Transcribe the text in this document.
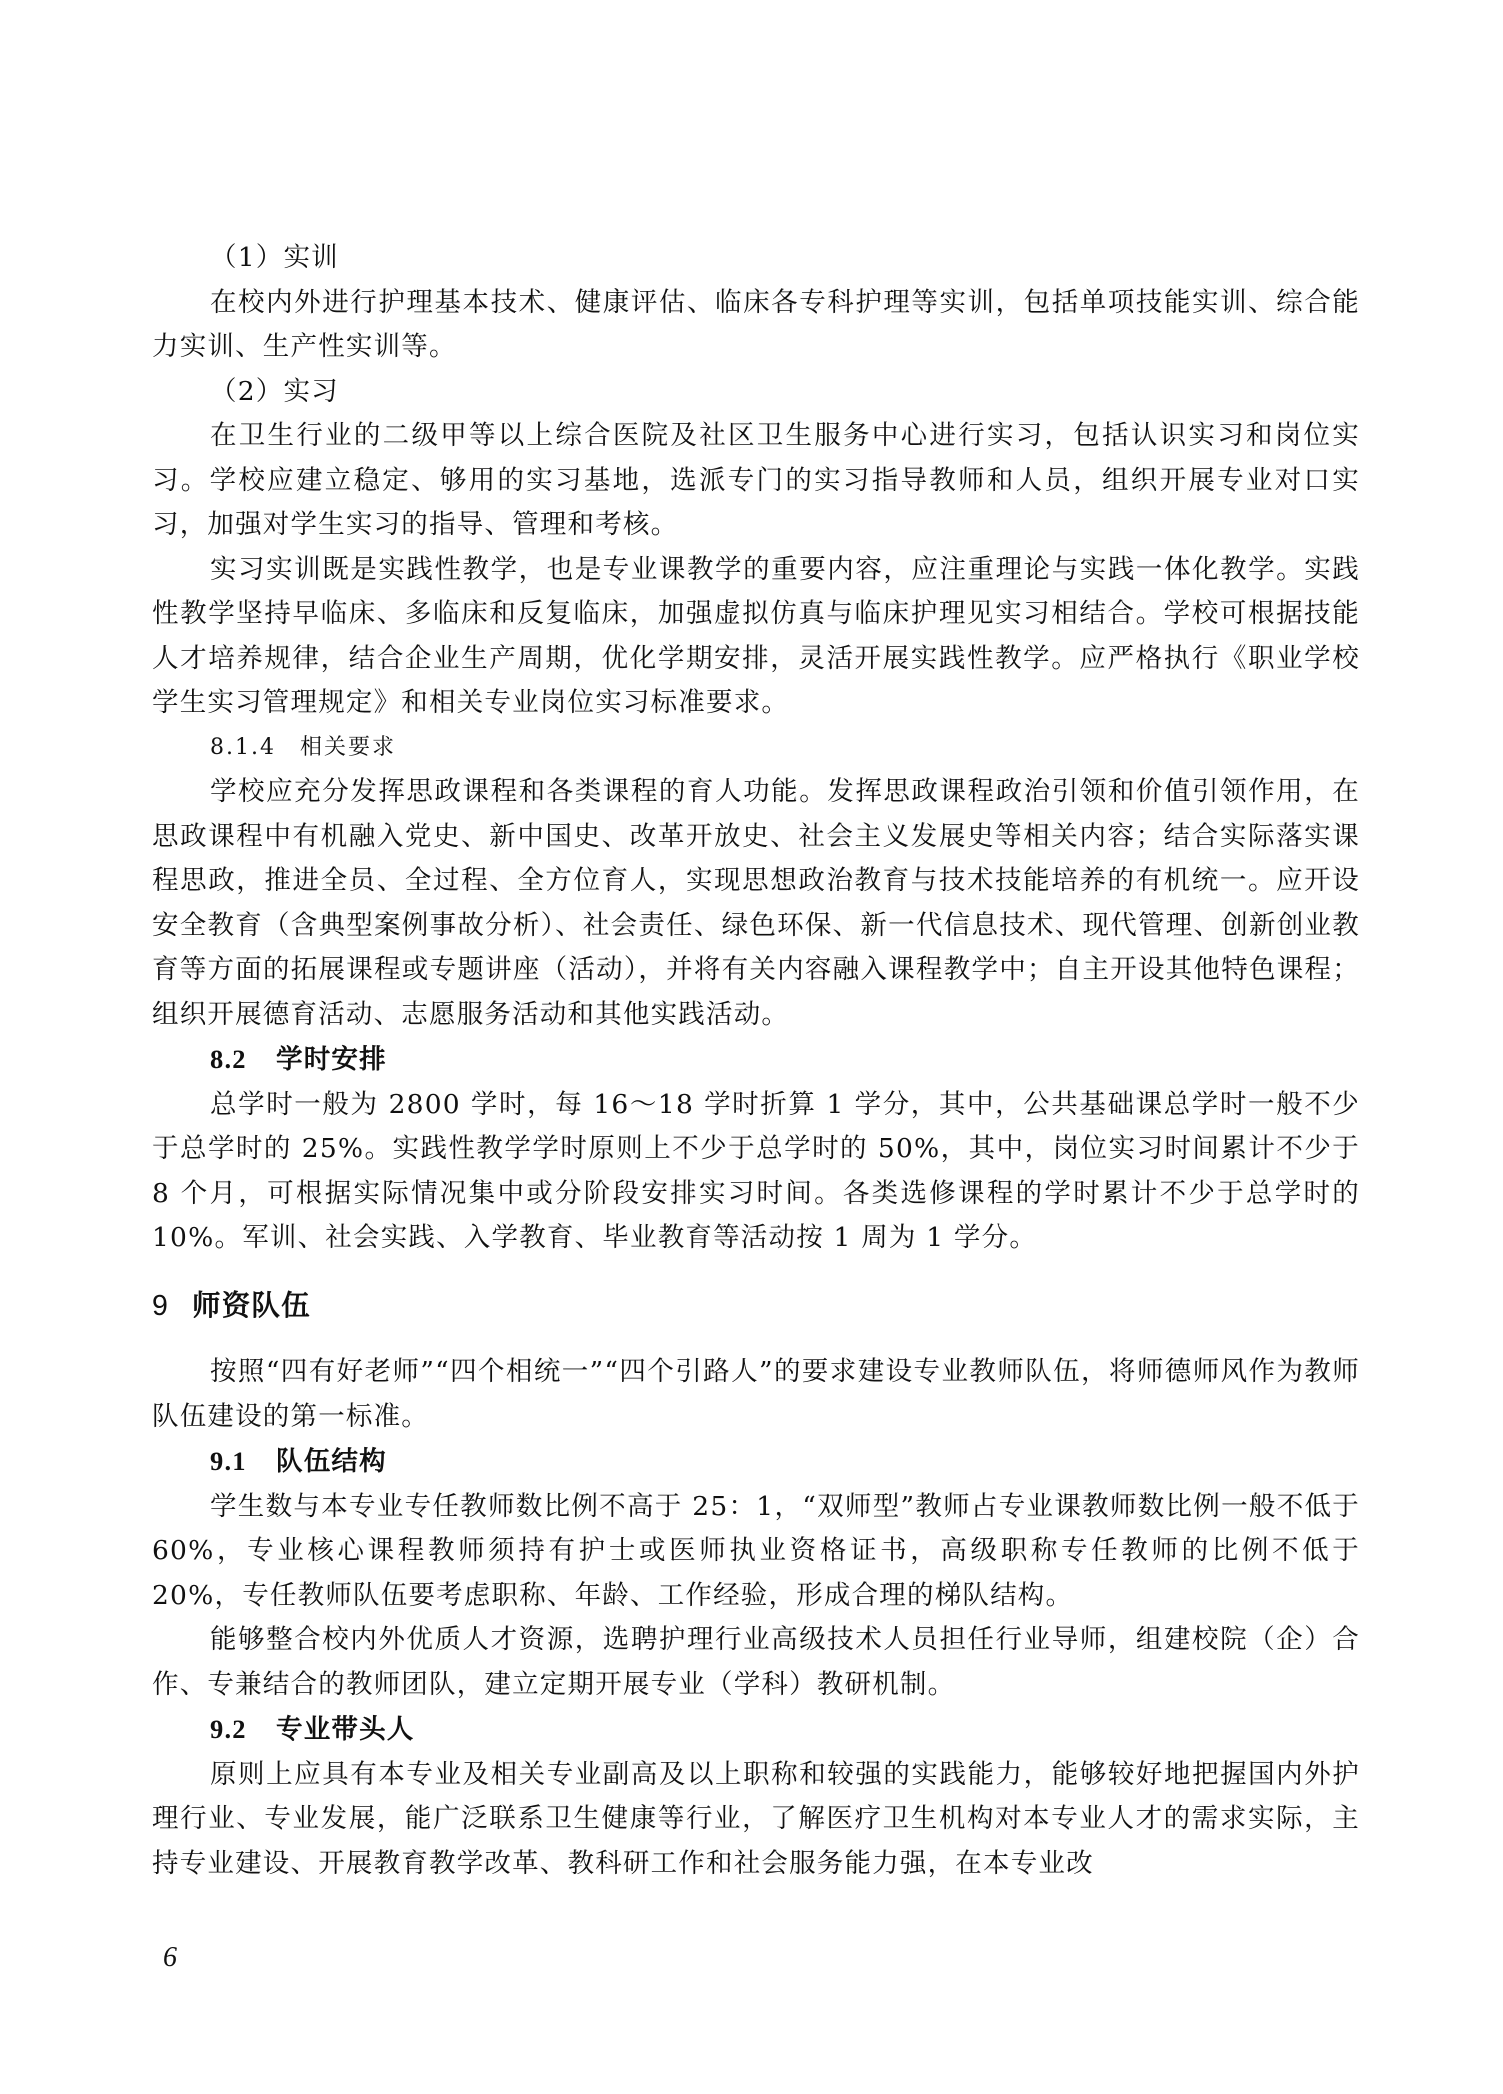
（1）实训

在校内外进行护理基本技术、健康评估、临床各专科护理等实训，包括单项技能实训、综合能力实训、生产性实训等。

（2）实习

在卫生行业的二级甲等以上综合医院及社区卫生服务中心进行实习，包括认识实习和岗位实习。学校应建立稳定、够用的实习基地，选派专门的实习指导教师和人员，组织开展专业对口实习，加强对学生实习的指导、管理和考核。

实习实训既是实践性教学，也是专业课教学的重要内容，应注重理论与实践一体化教学。实践性教学坚持早临床、多临床和反复临床，加强虚拟仿真与临床护理见实习相结合。学校可根据技能人才培养规律，结合企业生产周期，优化学期安排，灵活开展实践性教学。应严格执行《职业学校学生实习管理规定》和相关专业岗位实习标准要求。

8.1.4　相关要求

学校应充分发挥思政课程和各类课程的育人功能。发挥思政课程政治引领和价值引领作用，在思政课程中有机融入党史、新中国史、改革开放史、社会主义发展史等相关内容；结合实际落实课程思政，推进全员、全过程、全方位育人，实现思想政治教育与技术技能培养的有机统一。应开设安全教育（含典型案例事故分析）、社会责任、绿色环保、新一代信息技术、现代管理、创新创业教育等方面的拓展课程或专题讲座（活动），并将有关内容融入课程教学中；自主开设其他特色课程；组织开展德育活动、志愿服务活动和其他实践活动。

8.2 学时安排

总学时一般为 2800 学时，每 16～18 学时折算 1 学分，其中，公共基础课总学时一般不少于总学时的 25%。实践性教学学时原则上不少于总学时的 50%，其中，岗位实习时间累计不少于 8 个月，可根据实际情况集中或分阶段安排实习时间。各类选修课程的学时累计不少于总学时的 10%。军训、社会实践、入学教育、毕业教育等活动按 1 周为 1 学分。

9 师资队伍

按照“四有好老师”“四个相统一”“四个引路人”的要求建设专业教师队伍，将师德师风作为教师队伍建设的第一标准。

9.1 队伍结构

学生数与本专业专任教师数比例不高于 25：1，“双师型”教师占专业课教师数比例一般不低于 60%，专业核心课程教师须持有护士或医师执业资格证书，高级职称专任教师的比例不低于 20%，专任教师队伍要考虑职称、年龄、工作经验，形成合理的梯队结构。

能够整合校内外优质人才资源，选聘护理行业高级技术人员担任行业导师，组建校院（企）合作、专兼结合的教师团队，建立定期开展专业（学科）教研机制。

9.2 专业带头人

原则上应具有本专业及相关专业副高及以上职称和较强的实践能力，能够较好地把握国内外护理行业、专业发展，能广泛联系卫生健康等行业，了解医疗卫生机构对本专业人才的需求实际，主持专业建设、开展教育教学改革、教科研工作和社会服务能力强，在本专业改

6
